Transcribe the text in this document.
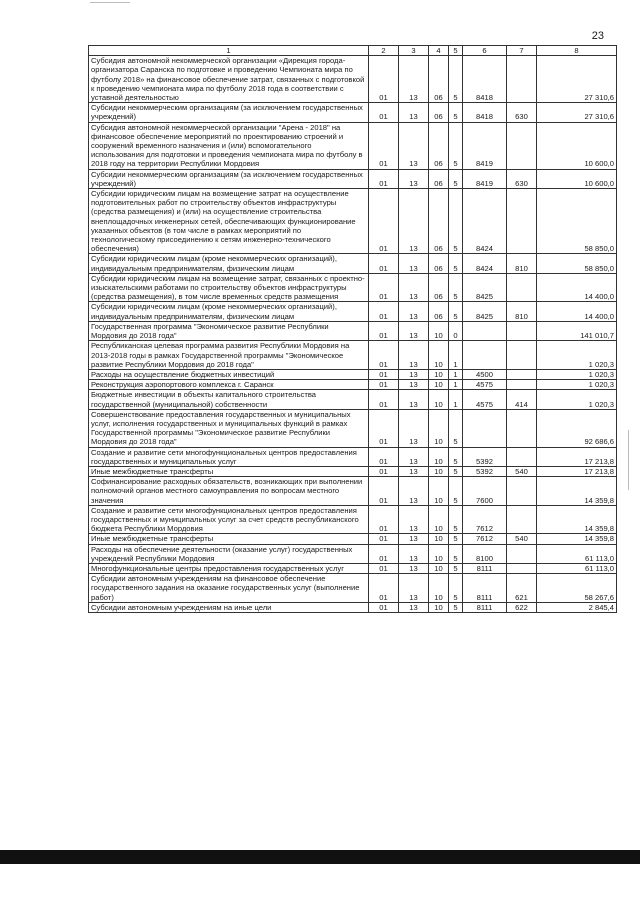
23
1	2	3	4	5	6	7	8
Субсидия автономной некоммерческой организации «Дирекция города-организатора Саранска по подготовке и проведению Чемпионата мира по футболу 2018» на финансовое обеспечение затрат, связанных с подготовкой к проведению чемпионата мира по футболу 2018 года в соответствии с уставной деятельностью	01	13	06	5	8418		27 310,6
Субсидии некоммерческим организациям (за исключением государственных учреждений)	01	13	06	5	8418	630	27 310,6
Субсидия автономной некоммерческой организации "Арена - 2018" на финансовое обеспечение мероприятий по проектированию строений и сооружений временного назначения и (или) вспомогательного использования для подготовки и проведения чемпионата мира по футболу в 2018 году на территории Республики Мордовия	01	13	06	5	8419		10 600,0
Субсидии некоммерческим организациям (за исключением государственных учреждений)	01	13	06	5	8419	630	10 600,0
Субсидии юридическим лицам на возмещение затрат на осуществление подготовительных работ по строительству объектов инфраструктуры (средства размещения) и (или) на осуществление строительства внеплощадочных инженерных сетей, обеспечивающих функционирование указанных объектов (в том числе в рамках мероприятий по технологическому присоединению к сетям инженерно-технического обеспечения)	01	13	06	5	8424		58 850,0
Субсидии юридическим лицам (кроме некоммерческих организаций), индивидуальным предпринимателям, физическим лицам	01	13	06	5	8424	810	58 850,0
Субсидии юридическим лицам на возмещение затрат, связанных с проектно-изыскательскими работами по строительству объектов инфраструктуры (средства размещения), в том числе временных средств размещения	01	13	06	5	8425		14 400,0
Субсидии юридическим лицам (кроме некоммерческих организаций), индивидуальным предпринимателям, физическим лицам	01	13	06	5	8425	810	14 400,0
Государственная программа "Экономическое развитие Республики Мордовия до 2018 года"	01	13	10	0			141 010,7
Республиканская целевая программа развития Республики Мордовия на 2013-2018 годы в рамках Государственной программы "Экономическое развитие Республики Мордовия до 2018 года"	01	13	10	1			1 020,3
Расходы на осуществление бюджетных инвестиций	01	13	10	1	4500		1 020,3
Реконструкция аэропортового комплекса г. Саранск	01	13	10	1	4575		1 020,3
Бюджетные инвестиции в объекты капитального строительства государственной (муниципальной) собственности	01	13	10	1	4575	414	1 020,3
Совершенствование предоставления государственных и муниципальных услуг, исполнения государственных и муниципальных функций в рамках Государственной программы "Экономическое развитие Республики Мордовия до 2018 года"	01	13	10	5			92 686,6
Создание и развитие сети многофункциональных центров предоставления государственных и муниципальных услуг	01	13	10	5	5392		17 213,8
Иные межбюджетные трансферты	01	13	10	5	5392	540	17 213,8
Софинансирование расходных обязательств, возникающих при выполнении полномочий органов местного самоуправления по вопросам местного значения	01	13	10	5	7600		14 359,8
Создание и развитие сети многофункциональных центров предоставления государственных и муниципальных услуг за счет средств республиканского бюджета Республики Мордовия	01	13	10	5	7612		14 359,8
Иные межбюджетные трансферты	01	13	10	5	7612	540	14 359,8
Расходы на обеспечение деятельности (оказание услуг) государственных учреждений Республики Мордовия	01	13	10	5	8100		61 113,0
Многофункциональные центры предоставления государственных услуг	01	13	10	5	8111		61 113,0
Субсидии автономным учреждениям на финансовое обеспечение государственного задания на оказание государственных услуг (выполнение работ)	01	13	10	5	8111	621	58 267,6
Субсидии автономным учреждениям на иные цели	01	13	10	5	8111	622	2 845,4
